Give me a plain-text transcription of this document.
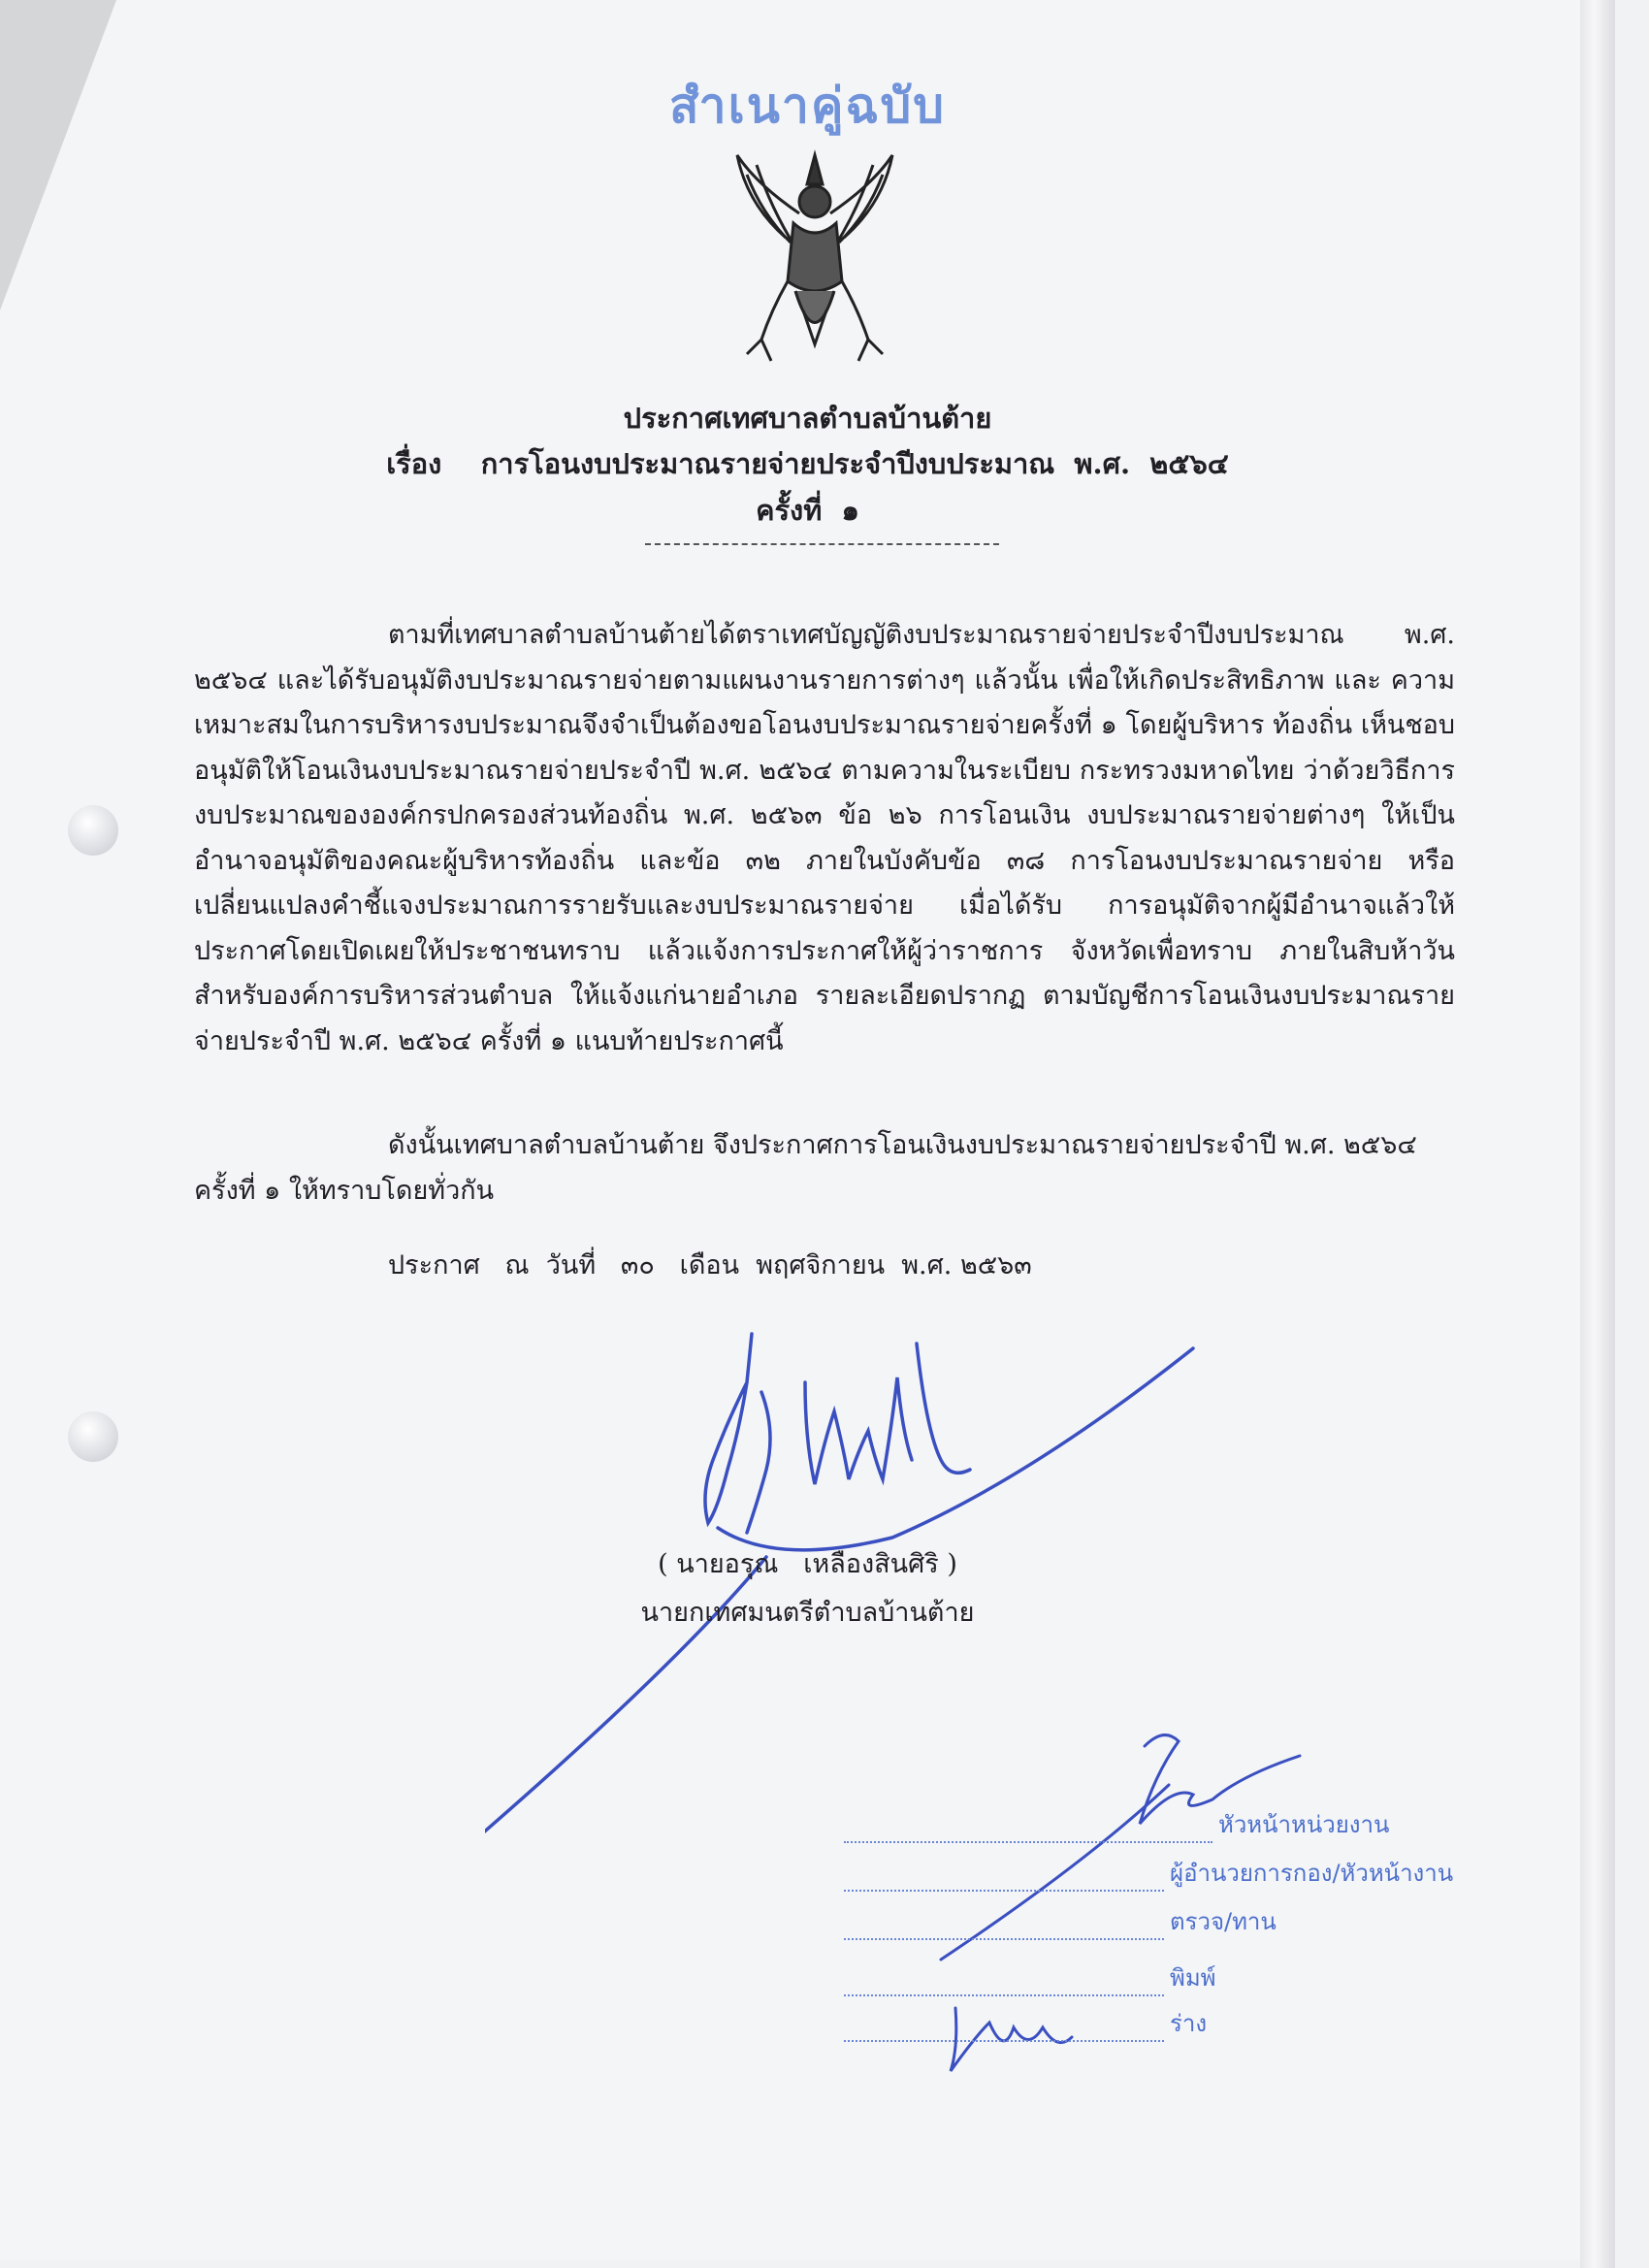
สำเนาคู่ฉบับ
ประกาศเทศบาลตำบลบ้านต้าย
เรื่อง การโอนงบประมาณรายจ่ายประจำปีงบประมาณ  พ.ศ.  ๒๕๖๔
ครั้งที่  ๑
ตามที่เทศบาลตำบลบ้านต้ายได้ตราเทศบัญญัติงบประมาณรายจ่ายประจำปีงบประมาณ พ.ศ. ๒๕๖๔ และได้รับอนุมัติงบประมาณรายจ่ายตามแผนงานรายการต่างๆ แล้วนั้น เพื่อให้เกิดประสิทธิภาพ และ ความเหมาะสมในการบริหารงบประมาณจึงจำเป็นต้องขอโอนงบประมาณรายจ่ายครั้งที่ ๑ โดยผู้บริหาร ท้องถิ่น เห็นชอบอนุมัติให้โอนเงินงบประมาณรายจ่ายประจำปี พ.ศ. ๒๕๖๔ ตามความในระเบียบ กระทรวงมหาดไทย ว่าด้วยวิธีการงบประมาณขององค์กรปกครองส่วนท้องถิ่น พ.ศ. ๒๕๖๓ ข้อ ๒๖ การโอนเงิน งบประมาณรายจ่ายต่างๆ ให้เป็นอำนาจอนุมัติของคณะผู้บริหารท้องถิ่น และข้อ ๓๒ ภายในบังคับข้อ ๓๘ การโอนงบประมาณรายจ่าย หรือเปลี่ยนแปลงคำชี้แจงประมาณการรายรับและงบประมาณรายจ่าย เมื่อได้รับ การอนุมัติจากผู้มีอำนาจแล้วให้ประกาศโดยเปิดเผยให้ประชาชนทราบ แล้วแจ้งการประกาศให้ผู้ว่าราชการ จังหวัดเพื่อทราบ ภายในสิบห้าวัน สำหรับองค์การบริหารส่วนตำบล ให้แจ้งแก่นายอำเภอ รายละเอียดปรากฏ ตามบัญชีการโอนเงินงบประมาณรายจ่ายประจำปี พ.ศ. ๒๕๖๔ ครั้งที่ ๑ แนบท้ายประกาศนี้
ดังนั้นเทศบาลตำบลบ้านต้าย จึงประกาศการโอนเงินงบประมาณรายจ่ายประจำปี พ.ศ. ๒๕๖๔ ครั้งที่ ๑ ให้ทราบโดยทั่วกัน
ประกาศ   ณ  วันที่   ๓๐   เดือน  พฤศจิกายน  พ.ศ. ๒๕๖๓
( นายอรุณ   เหลืองสินศิริ )
นายกเทศมนตรีตำบลบ้านต้าย
หัวหน้าหน่วยงาน
ผู้อำนวยการกอง/หัวหน้างาน
ตรวจ/ทาน
พิมพ์
ร่าง
